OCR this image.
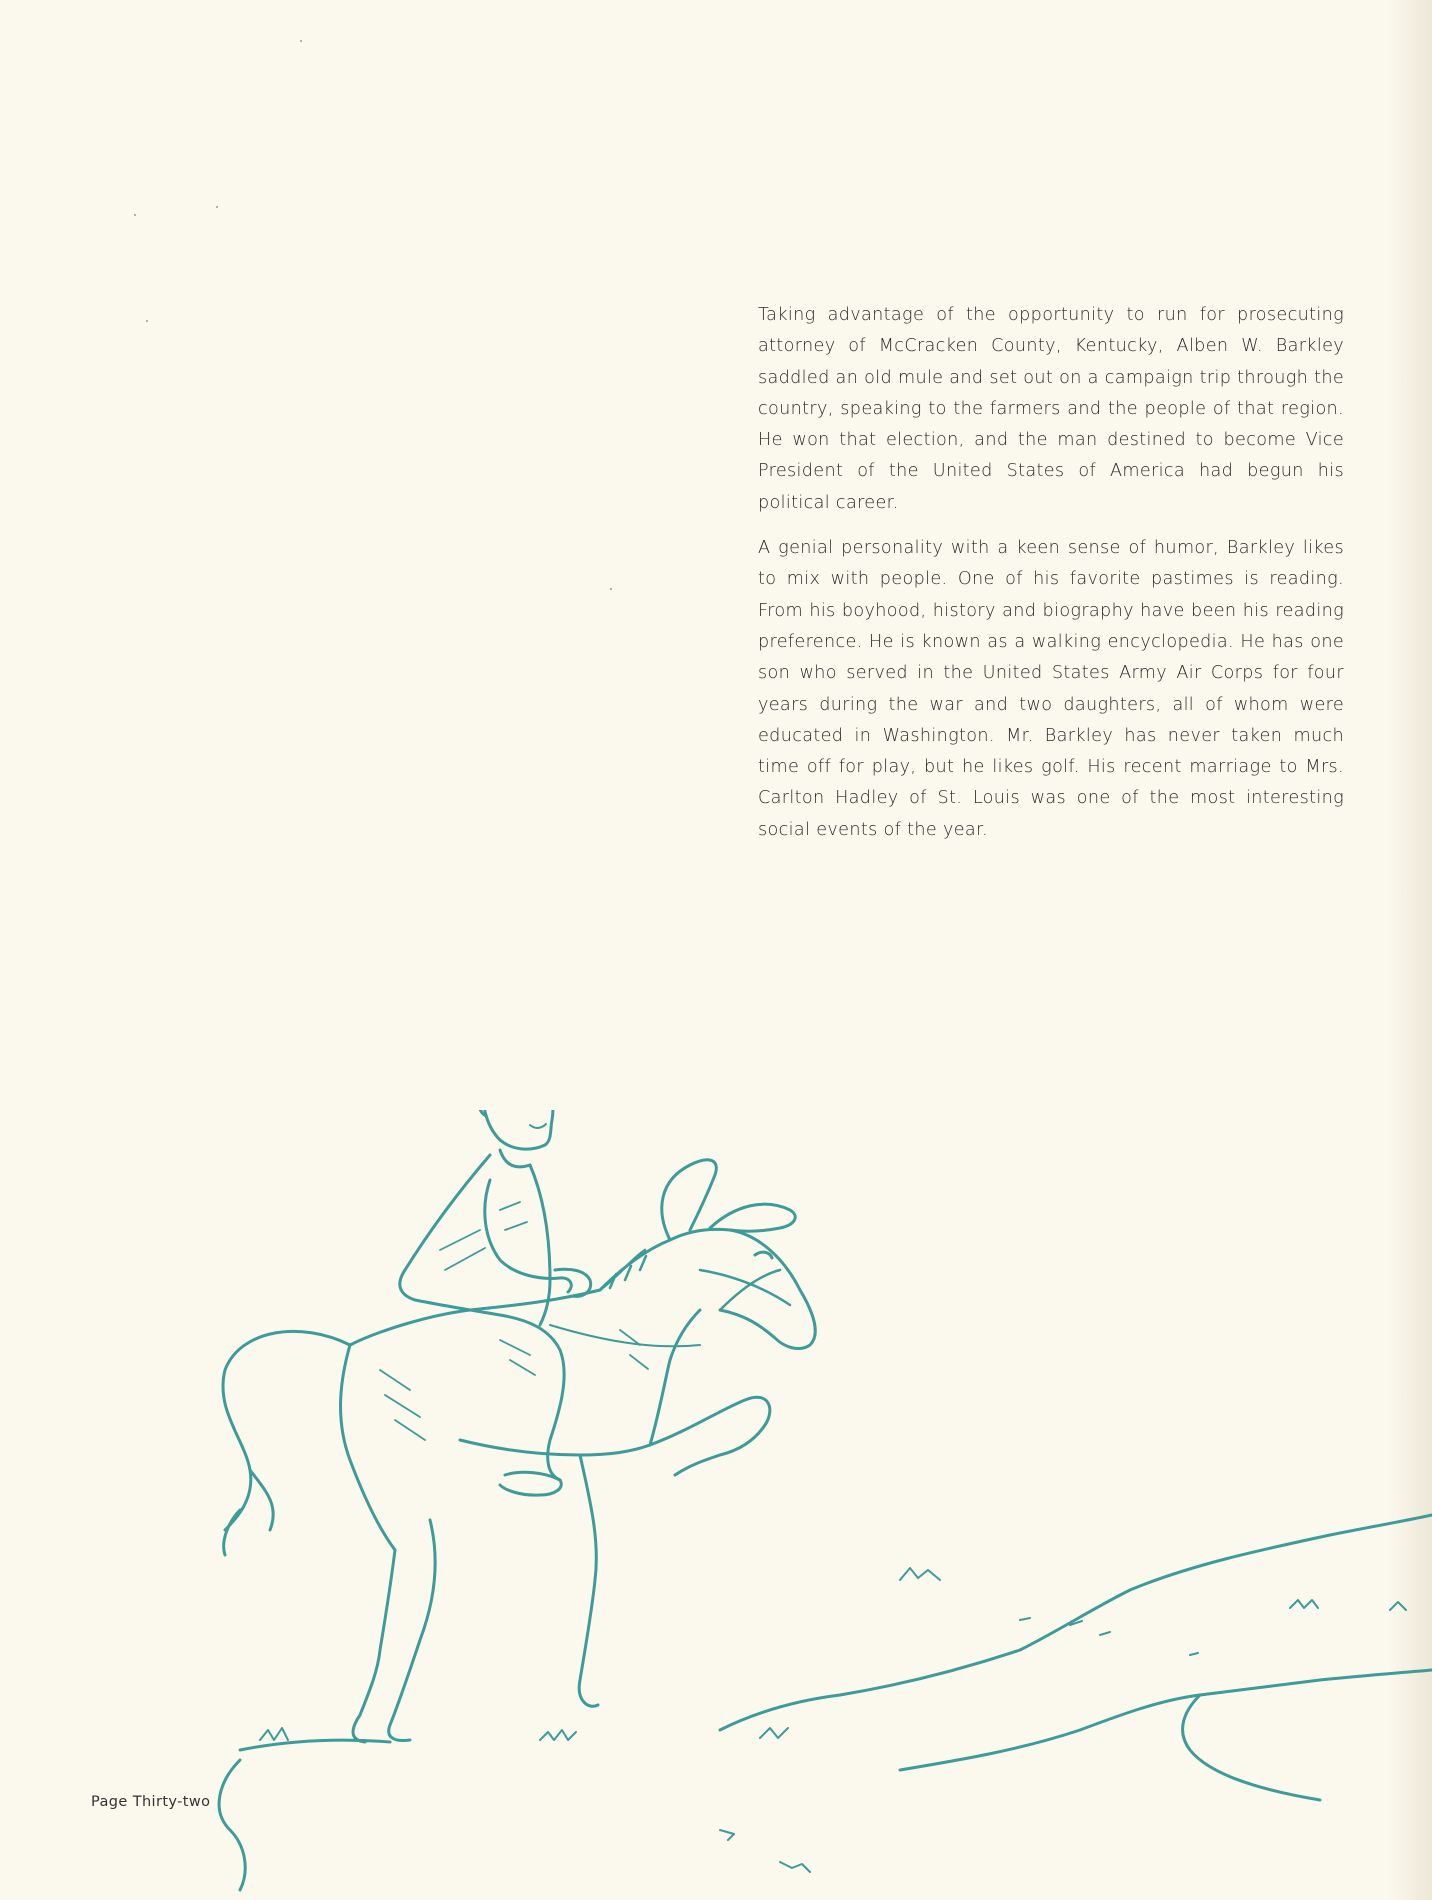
Taking advantage of the opportunity to run for prosecuting attorney of McCracken County, Kentucky, Alben W. Barkley saddled an old mule and set out on a campaign trip through the country, speaking to the farmers and the people of that region. He won that election, and the man destined to become Vice President of the United States of America had begun his political career.

A genial personality with a keen sense of humor, Barkley likes to mix with people. One of his favorite pastimes is reading. From his boyhood, history and biography have been his reading preference. He is known as a walking encyclopedia. He has one son who served in the United States Army Air Corps for four years during the war and two daughters, all of whom were educated in Washington. Mr. Barkley has never taken much time off for play, but he likes golf. His recent marriage to Mrs. Carlton Hadley of St. Louis was one of the most interesting social events of the year.

Page Thirty-two
